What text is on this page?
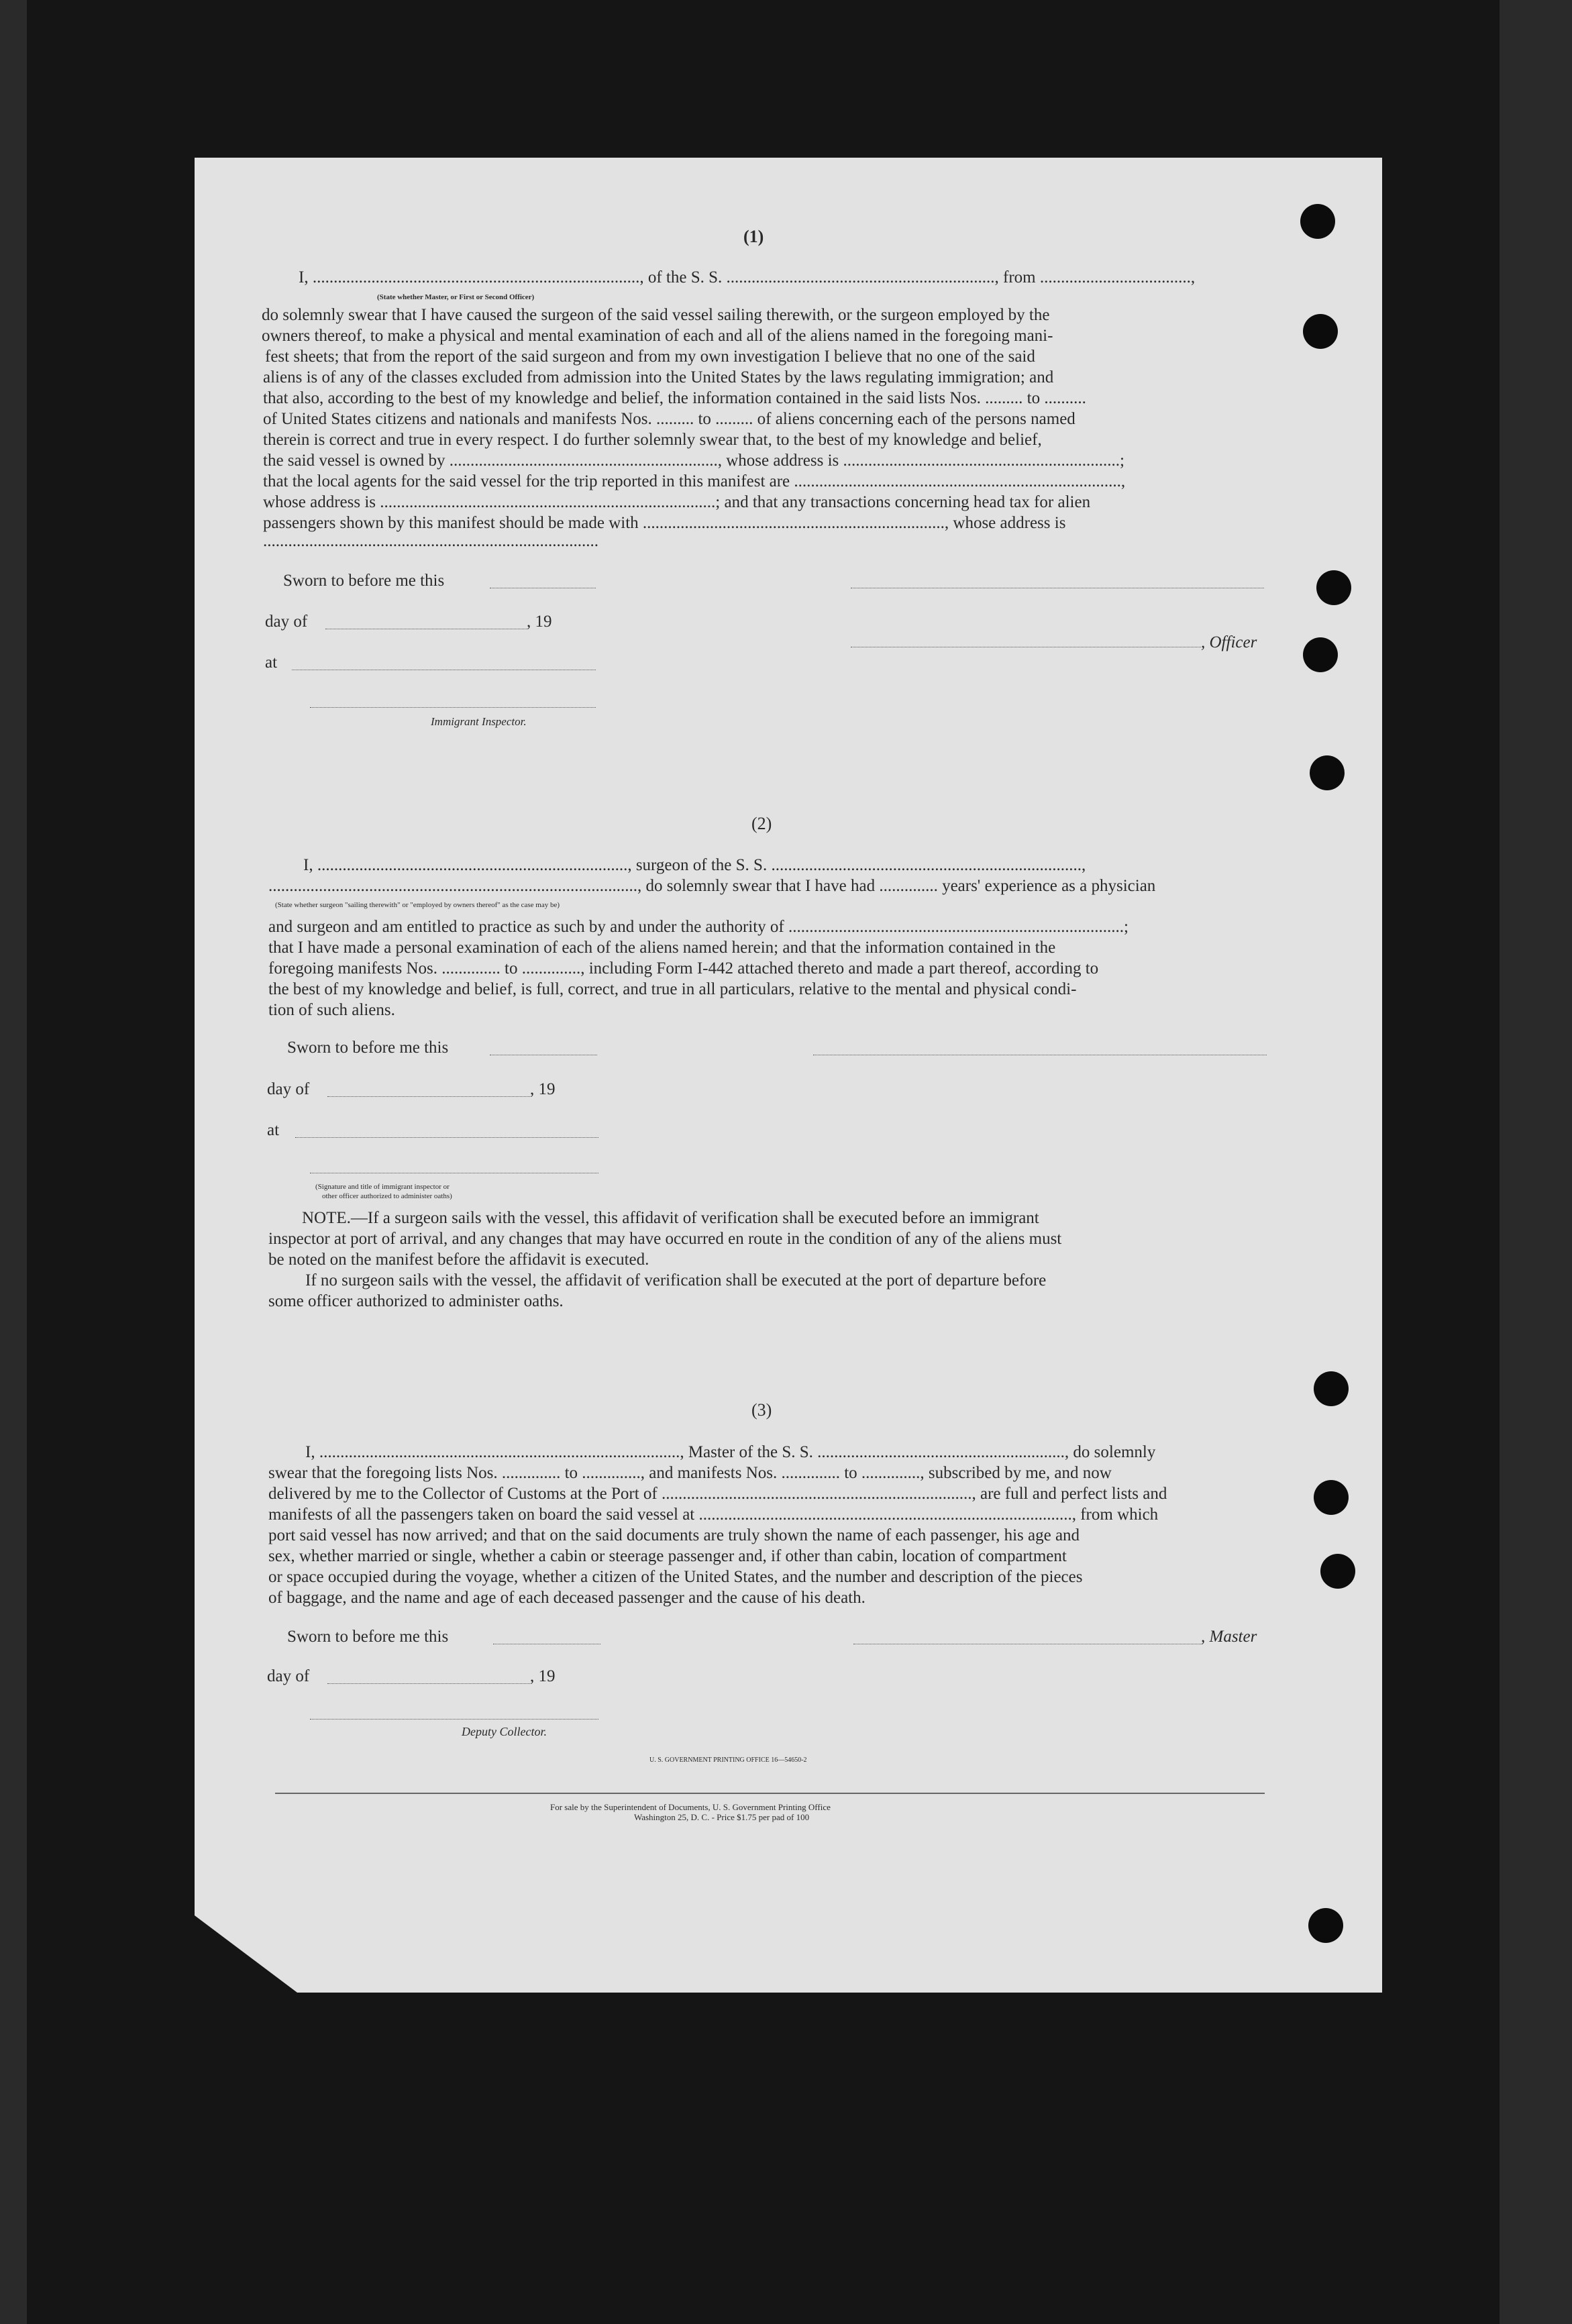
(1)
I, .............................................................................., of the S. S. ................................................................, from ....................................,
(State whether Master, or First or Second Officer)
do solemnly swear that I have caused the surgeon of the said vessel sailing therewith, or the surgeon employed by the
owners thereof, to make a physical and mental examination of each and all of the aliens named in the foregoing mani-
fest sheets; that from the report of the said surgeon and from my own investigation I believe that no one of the said
aliens is of any of the classes excluded from admission into the United States by the laws regulating immigration; and
that also, according to the best of my knowledge and belief, the information contained in the said lists Nos. ......... to ..........
of United States citizens and nationals and manifests Nos. ......... to ......... of aliens concerning each of the persons named
therein is correct and true in every respect. I do further solemnly swear that, to the best of my knowledge and belief,
the said vessel is owned by ................................................................, whose address is ..................................................................;
that the local agents for the said vessel for the trip reported in this manifest are ..............................................................................,
whose address is ................................................................................; and that any transactions concerning head tax for alien
passengers shown by this manifest should be made with ........................................................................, whose address is
................................................................................
Sworn to before me this
day of	, 19
, Officer
at
Immigrant Inspector.
(2)
I, .........................................................................., surgeon of the S. S. ..........................................................................,
........................................................................................, do solemnly swear that I have had .............. years' experience as a physician
(State whether surgeon "sailing therewith" or "employed by owners thereof" as the case may be)
and surgeon and am entitled to practice as such by and under the authority of ................................................................................;
that I have made a personal examination of each of the aliens named herein; and that the information contained in the
foregoing manifests Nos. .............. to .............., including Form I-442 attached thereto and made a part thereof, according to
the best of my knowledge and belief, is full, correct, and true in all particulars, relative to the mental and physical condi-
tion of such aliens.
Sworn to before me this
day of	, 19
at
(Signature and title of immigrant inspector or
other officer authorized to administer oaths)
NOTE.—If a surgeon sails with the vessel, this affidavit of verification shall be executed before an immigrant
inspector at port of arrival, and any changes that may have occurred en route in the condition of any of the aliens must
be noted on the manifest before the affidavit is executed.
If no surgeon sails with the vessel, the affidavit of verification shall be executed at the port of departure before
some officer authorized to administer oaths.
(3)
I, ......................................................................................, Master of the S. S. ..........................................................., do solemnly
swear that the foregoing lists Nos. .............. to .............., and manifests Nos. .............. to .............., subscribed by me, and now
delivered by me to the Collector of Customs at the Port of .........................................................................., are full and perfect lists and
manifests of all the passengers taken on board the said vessel at ........................................................................................., from which
port said vessel has now arrived; and that on the said documents are truly shown the name of each passenger, his age and
sex, whether married or single, whether a cabin or steerage passenger and, if other than cabin, location of compartment
or space occupied during the voyage, whether a citizen of the United States, and the number and description of the pieces
of baggage, and the name and age of each deceased passenger and the cause of his death.
Sworn to before me this	, Master
day of	, 19
Deputy Collector.
U. S. GOVERNMENT PRINTING OFFICE 16—54650-2
For sale by the Superintendent of Documents, U. S. Government Printing Office
Washington 25, D. C. - Price $1.75 per pad of 100
